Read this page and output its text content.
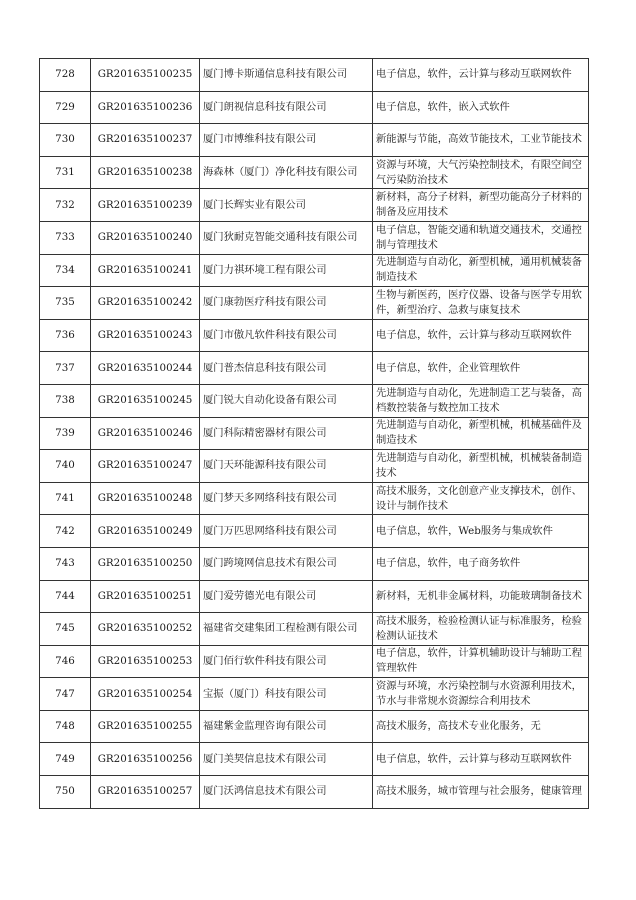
728	GR201635100235	厦门博卡斯通信息科技有限公司	电子信息，软件，云计算与移动互联网软件
729	GR201635100236	厦门朗视信息科技有限公司	电子信息，软件，嵌入式软件
730	GR201635100237	厦门市博维科技有限公司	新能源与节能，高效节能技术，工业节能技术
731	GR201635100238	海森林（厦门）净化科技有限公司	资源与环境，大气污染控制技术，有限空间空气污染防治技术
732	GR201635100239	厦门长辉实业有限公司	新材料，高分子材料，新型功能高分子材料的制备及应用技术
733	GR201635100240	厦门狄耐克智能交通科技有限公司	电子信息，智能交通和轨道交通技术，交通控制与管理技术
734	GR201635100241	厦门力祺环境工程有限公司	先进制造与自动化，新型机械，通用机械装备制造技术
735	GR201635100242	厦门康勃医疗科技有限公司	生物与新医药，医疗仪器、设备与医学专用软件，新型治疗、急救与康复技术
736	GR201635100243	厦门市傲凡软件科技有限公司	电子信息，软件，云计算与移动互联网软件
737	GR201635100244	厦门普杰信息科技有限公司	电子信息，软件，企业管理软件
738	GR201635100245	厦门锐大自动化设备有限公司	先进制造与自动化，先进制造工艺与装备，高档数控装备与数控加工技术
739	GR201635100246	厦门科际精密器材有限公司	先进制造与自动化，新型机械，机械基础件及制造技术
740	GR201635100247	厦门天环能源科技有限公司	先进制造与自动化，新型机械，机械装备制造技术
741	GR201635100248	厦门梦天多网络科技有限公司	高技术服务，文化创意产业支撑技术，创作、设计与制作技术
742	GR201635100249	厦门万匹思网络科技有限公司	电子信息，软件，Web服务与集成软件
743	GR201635100250	厦门跨境网信息技术有限公司	电子信息，软件，电子商务软件
744	GR201635100251	厦门爱劳德光电有限公司	新材料，无机非金属材料，功能玻璃制备技术
745	GR201635100252	福建省交建集团工程检测有限公司	高技术服务，检验检测认证与标准服务，检验检测认证技术
746	GR201635100253	厦门佰行软件科技有限公司	电子信息，软件，计算机辅助设计与辅助工程管理软件
747	GR201635100254	宝振（厦门）科技有限公司	资源与环境，水污染控制与水资源利用技术，节水与非常规水资源综合利用技术
748	GR201635100255	福建紫金监理咨询有限公司	高技术服务，高技术专业化服务，无
749	GR201635100256	厦门美契信息技术有限公司	电子信息，软件，云计算与移动互联网软件
750	GR201635100257	厦门沃鸿信息技术有限公司	高技术服务，城市管理与社会服务，健康管理
